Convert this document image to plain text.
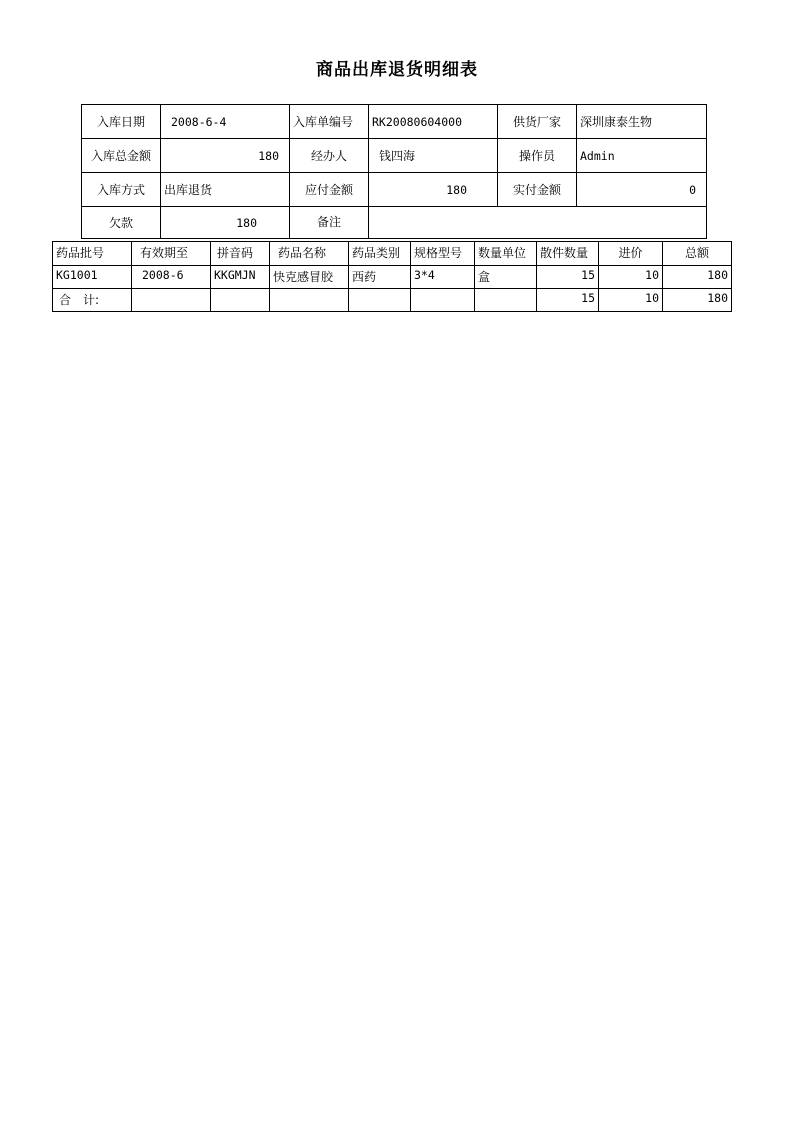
商品出库退货明细表
入库日期	2008-6-4	入库单编号	RK20080604000	供货厂家	深圳康泰生物
入库总金额	180	经办人	钱四海	操作员	Admin
入库方式	出库退货	应付金额	180	实付金额	0
欠款	180	备注			
药品批号	有效期至	拼音码	药品名称	药品类别	规格型号	数量单位	散件数量	进价	总额
KG1001	2008-6	KKGMJN	快克感冒胶	西药	3*4	盒	15	10	180
合　计:							15	10	180
